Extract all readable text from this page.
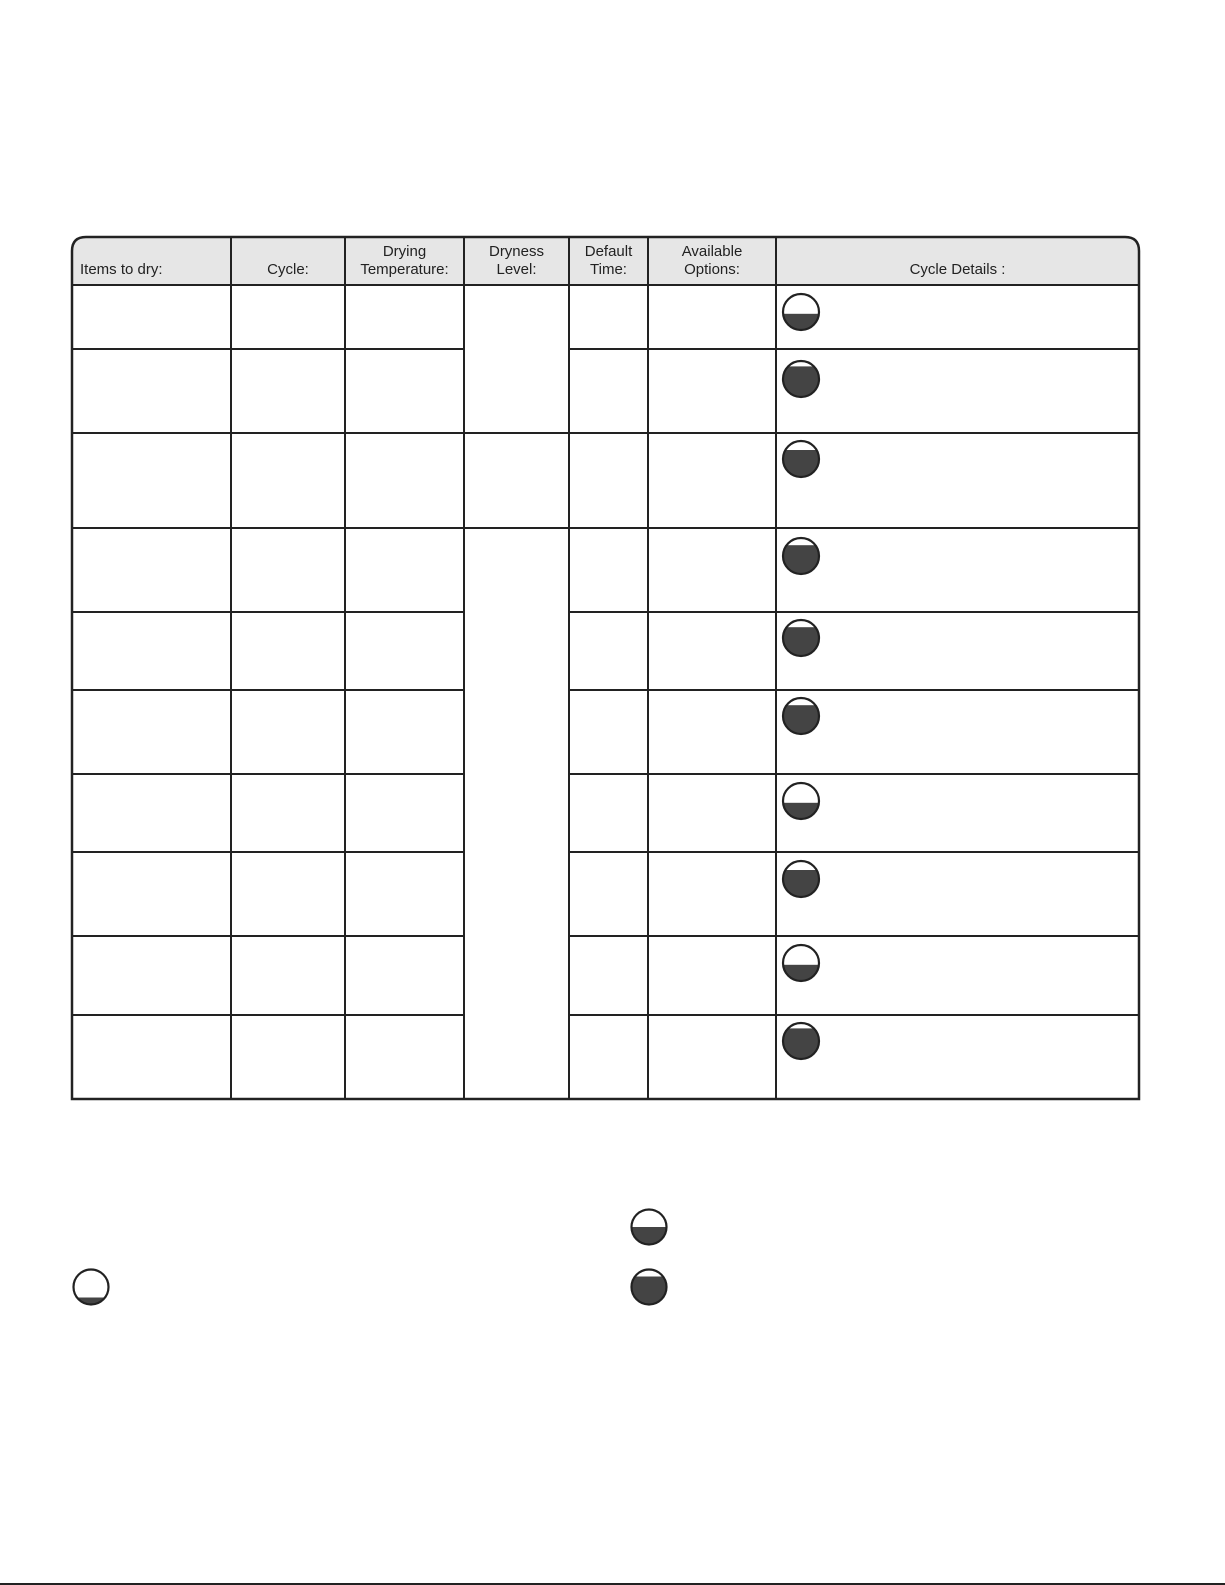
Items to dry:	Cycle:
Drying
Temperature:
Dryness
Level:
Default
Time:
Available
Options:	Cycle Details :
